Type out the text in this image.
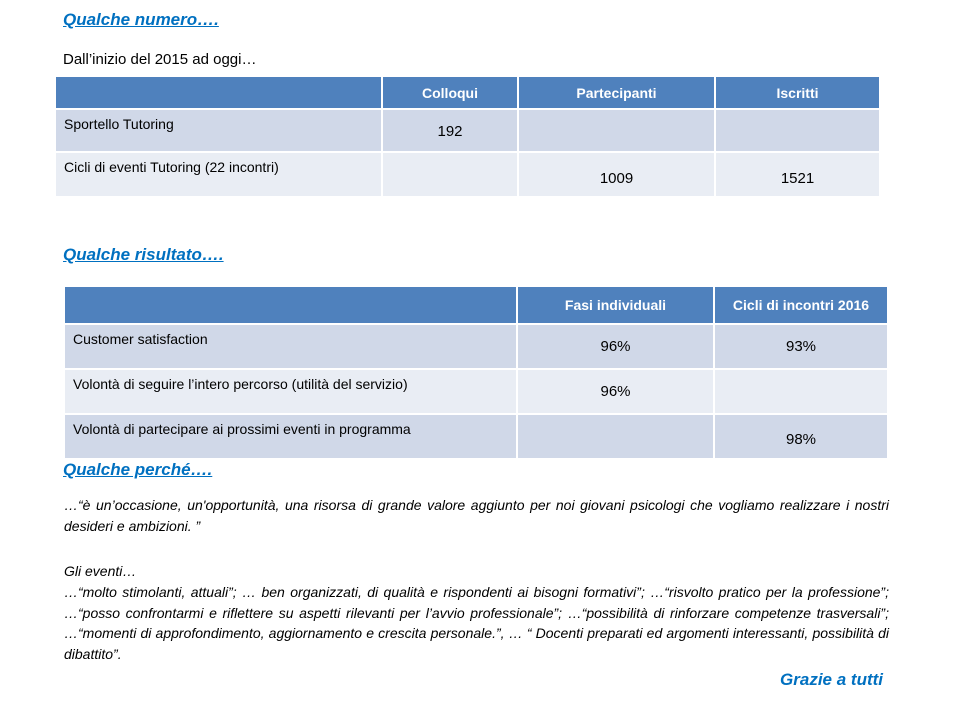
Qualche numero….

Dall’inizio del 2015 ad oggi…

	Colloqui	Partecipanti	Iscritti
Sportello Tutoring	192		
Cicli di eventi Tutoring (22 incontri)		1009	1521
Qualche risultato….
	Fasi individuali	Cicli di incontri 2016
Customer satisfaction	96%	93%
Volontà di seguire l’intero percorso (utilità del servizio)	96%	
Volontà di partecipare ai prossimi eventi in programma		98%
Qualche perché….

…“è un’occasione, un'opportunità, una risorsa di grande valore aggiunto per noi giovani psicologi che vogliamo realizzare i nostri desideri e ambizioni. ”

Gli eventi…

…“molto stimolanti, attuali”; … ben organizzati, di qualità e rispondenti ai bisogni formativi”; …“risvolto pratico per la professione”; …“posso confrontarmi e riflettere su aspetti rilevanti per l’avvio professionale”; …“possibilità di rinforzare competenze trasversali”; …“momenti di approfondimento, aggiornamento e crescita personale.”, … “ Docenti preparati ed argomenti interessanti, possibilità di dibattito”.

Grazie a tutti
